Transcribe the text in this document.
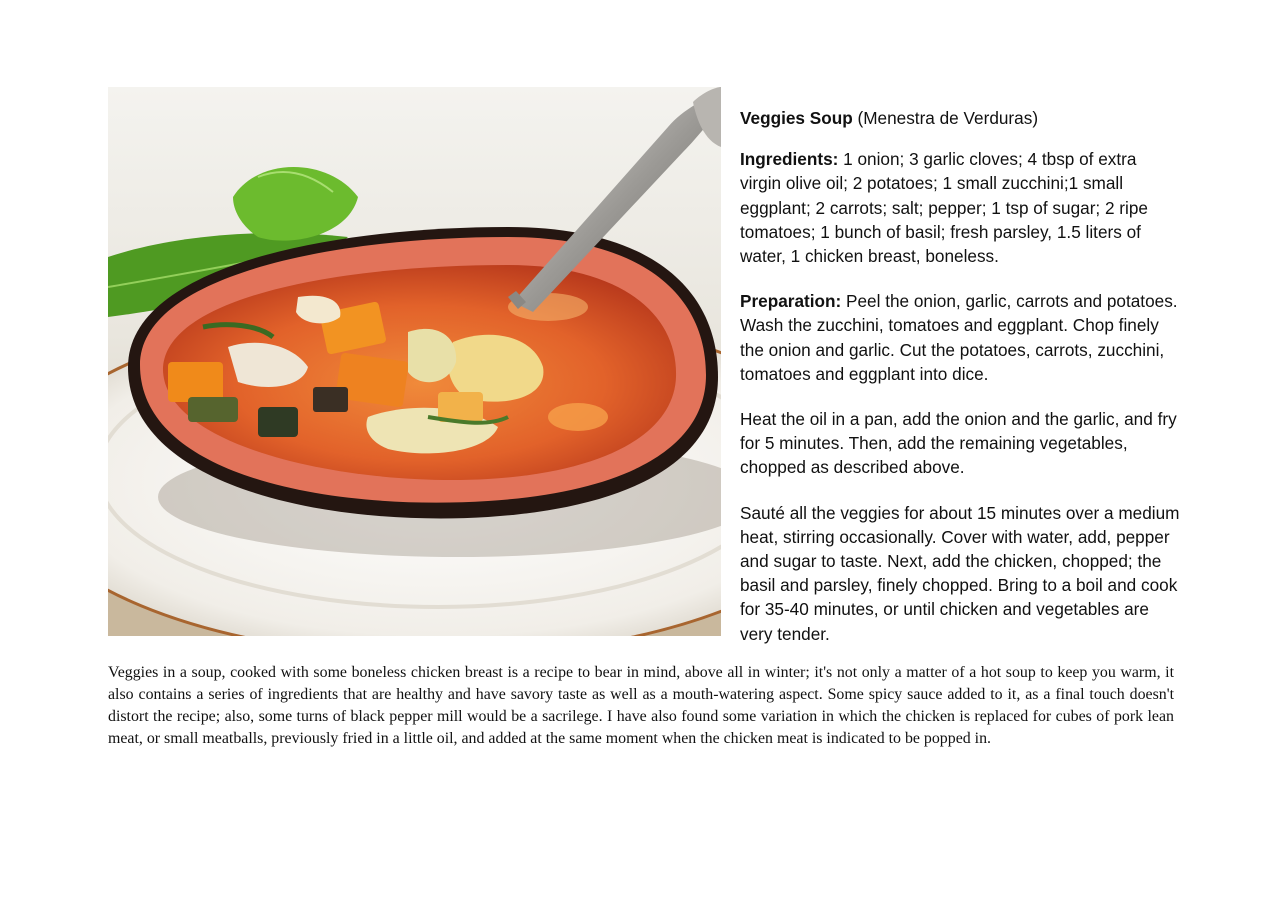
Veggies Soup (Menestra de Verduras)

Ingredients: 1 onion; 3 garlic cloves; 4 tbsp of extra virgin olive oil; 2 potatoes; 1 small zucchini;1 small eggplant; 2 carrots; salt; pepper; 1 tsp of sugar; 2 ripe tomatoes; 1 bunch of basil; fresh parsley, 1.5 liters of water, 1 chicken breast, boneless.

Preparation: Peel the onion, garlic, carrots and potatoes. Wash the zucchini, tomatoes and eggplant. Chop finely the onion and garlic. Cut the potatoes, carrots, zucchini, tomatoes and eggplant into dice.

Heat the oil in a pan, add the onion and the garlic, and fry for 5 minutes. Then, add the remaining vegetables, chopped as described above.

Sauté all the veggies for about 15 minutes over a medium heat, stirring occasionally. Cover with water, add, pepper and sugar to taste. Next, add the chicken, chopped; the basil and parsley, finely chopped. Bring to a boil and cook for 35-40 minutes, or until chicken and vegetables are very tender.

Veggies in a soup, cooked with some boneless chicken breast is a recipe to bear in mind, above all in winter; it's not only a matter of a hot soup to keep you warm, it also contains a series of ingredients that are healthy and have savory taste as well as a mouth-watering aspect. Some spicy sauce added to it, as a final touch doesn't distort the recipe; also, some turns of black pepper mill would be a sacrilege. I have also found some variation in which the chicken is replaced for cubes of pork lean meat, or small meatballs, previously fried in a little oil, and added at the same moment when the chicken meat is indicated to be popped in.
